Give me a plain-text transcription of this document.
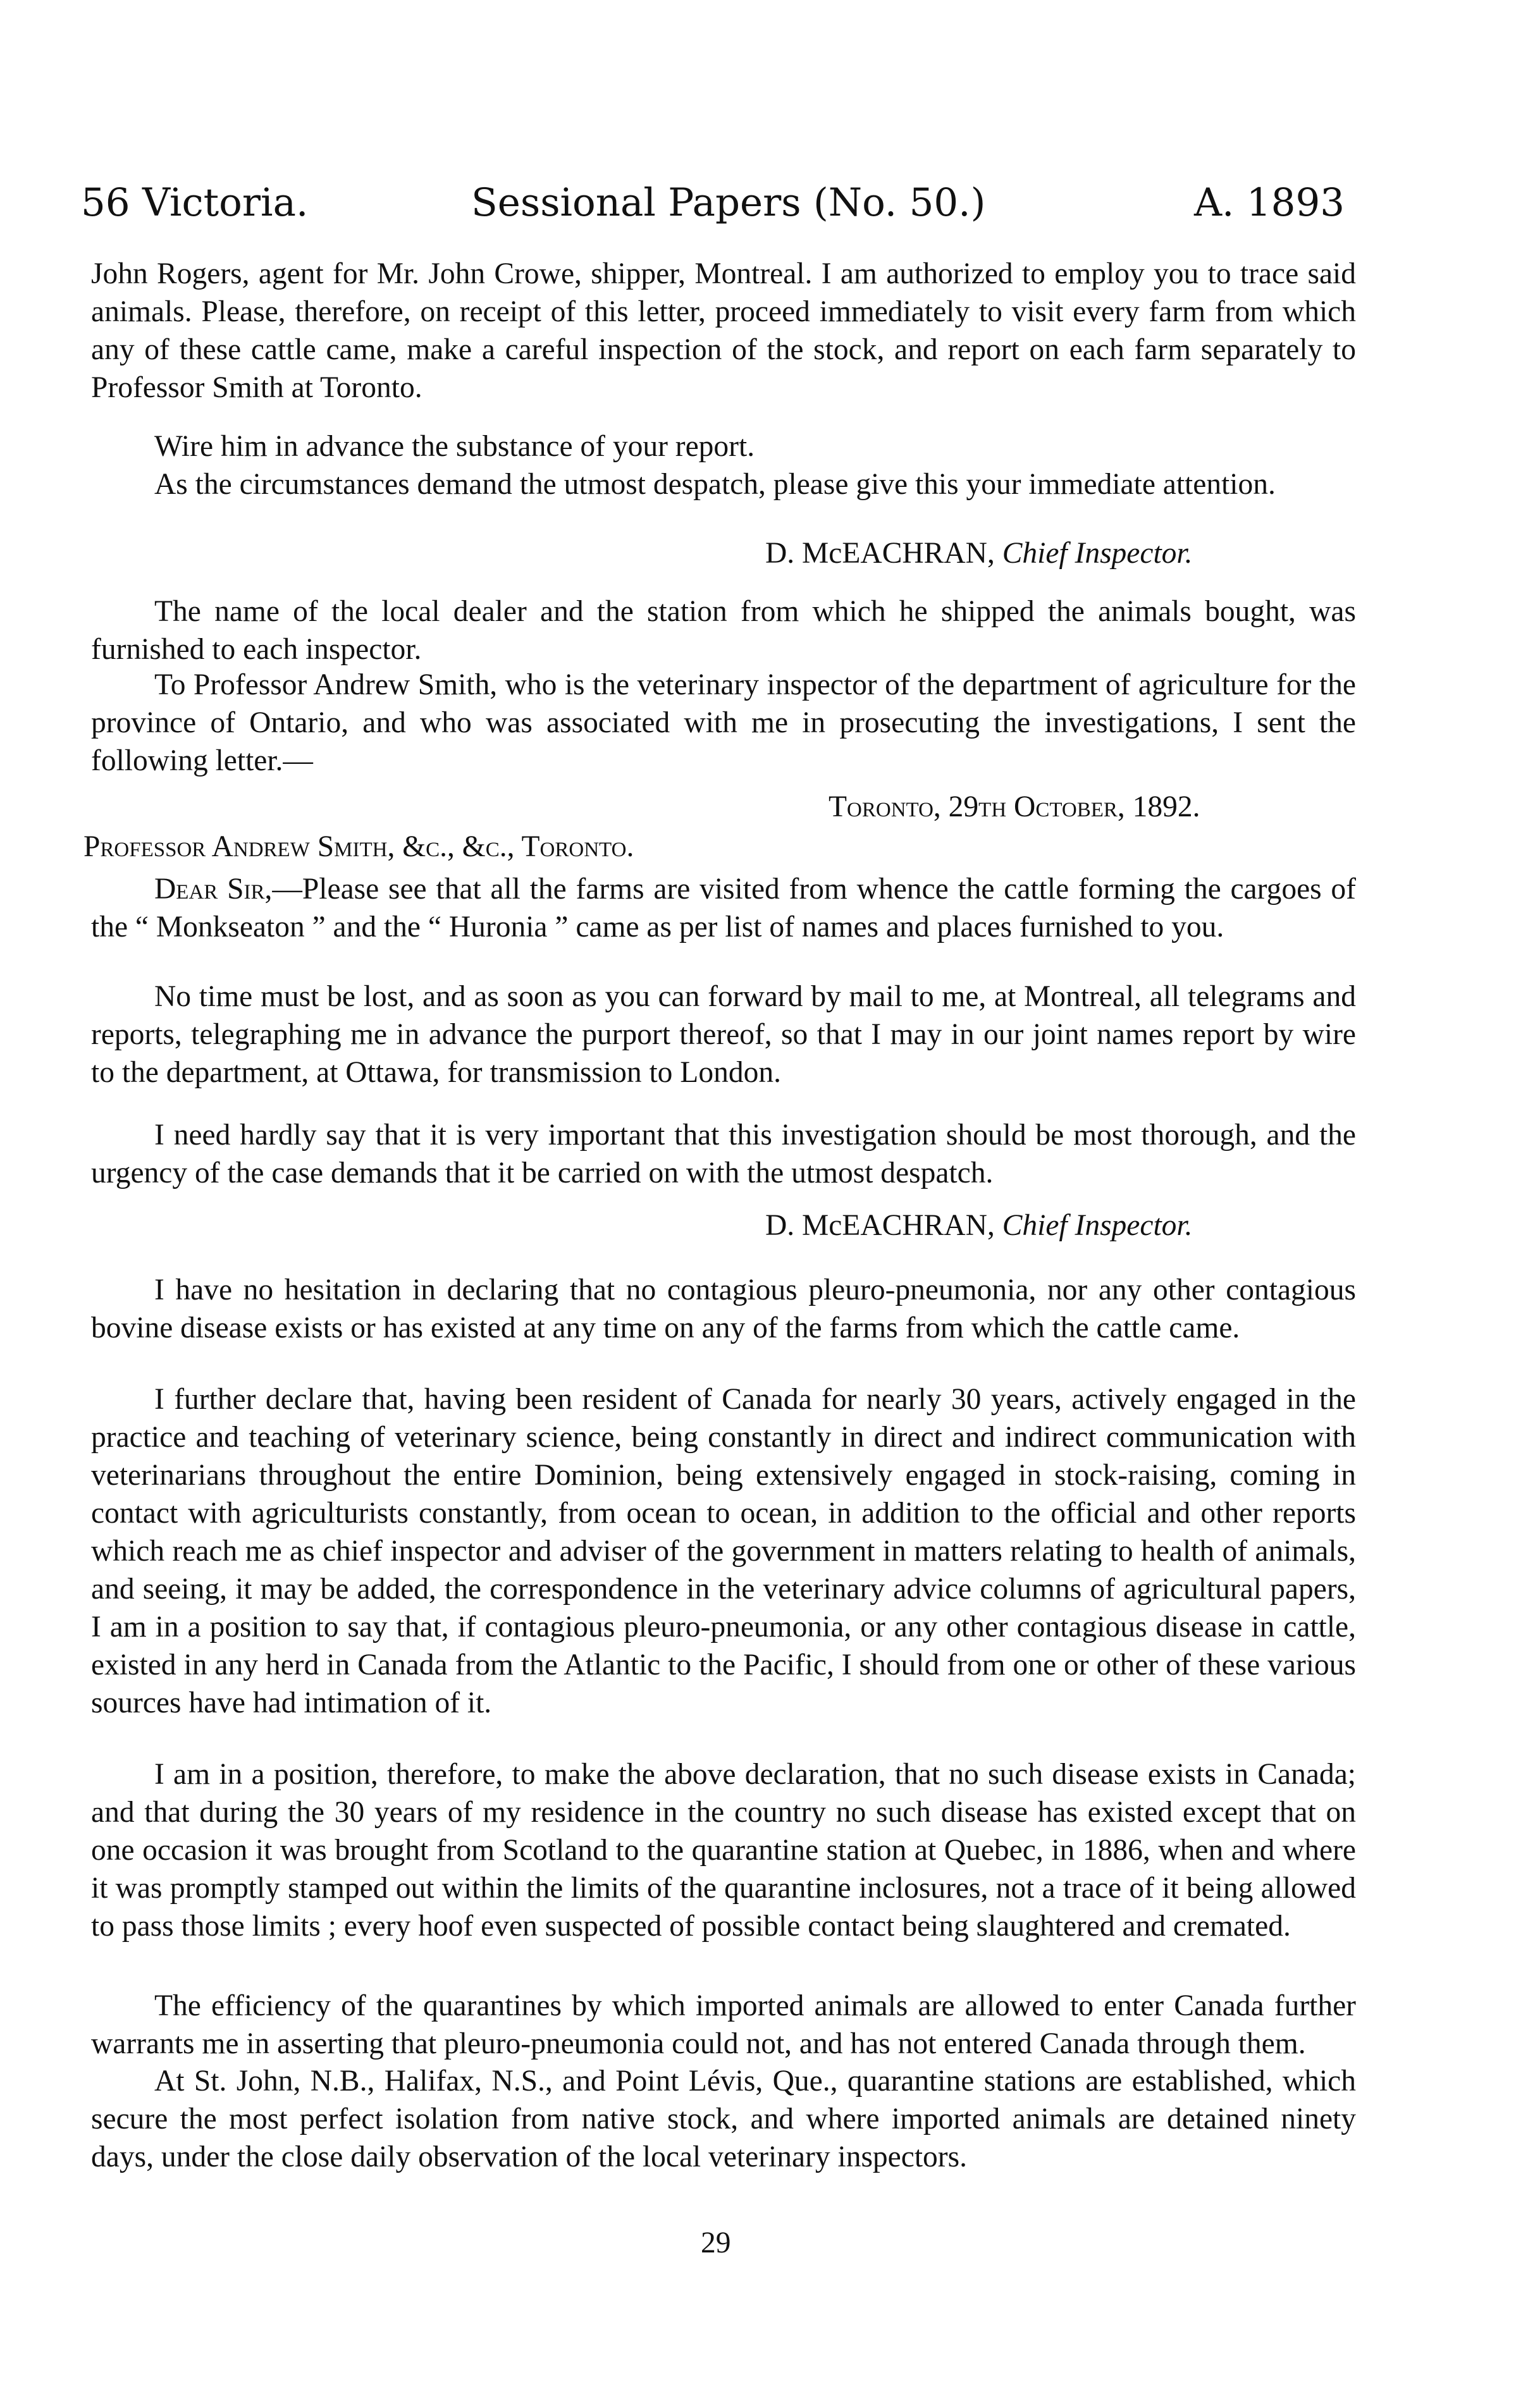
56 Victoria.	Sessional Papers (No. 50.)	A. 1893

John Rogers, agent for Mr. John Crowe, shipper, Montreal. I am authorized to employ you to trace said animals. Please, therefore, on receipt of this letter, proceed immediately to visit every farm from which any of these cattle came, make a careful inspection of the stock, and report on each farm separately to Professor Smith at Toronto.

Wire him in advance the substance of your report.

As the circumstances demand the utmost despatch, please give this your immediate attention.

D. McEACHRAN, Chief Inspector.

The name of the local dealer and the station from which he shipped the animals bought, was furnished to each inspector.

To Professor Andrew Smith, who is the veterinary inspector of the department of agriculture for the province of Ontario, and who was associated with me in prosecuting the investigations, I sent the following letter.—

Toronto, 29th October, 1892.
Professor Andrew Smith, &c., &c., Toronto.

Dear Sir,—Please see that all the farms are visited from whence the cattle forming the cargoes of the “ Monkseaton ” and the “ Huronia ” came as per list of names and places furnished to you.

No time must be lost, and as soon as you can forward by mail to me, at Montreal, all telegrams and reports, telegraphing me in advance the purport thereof, so that I may in our joint names report by wire to the department, at Ottawa, for transmission to London.

I need hardly say that it is very important that this investigation should be most thorough, and the urgency of the case demands that it be carried on with the utmost despatch.

D. McEACHRAN, Chief Inspector.

I have no hesitation in declaring that no contagious pleuro-pneumonia, nor any other contagious bovine disease exists or has existed at any time on any of the farms from which the cattle came.

I further declare that, having been resident of Canada for nearly 30 years, actively engaged in the practice and teaching of veterinary science, being constantly in direct and indirect communication with veterinarians throughout the entire Dominion, being extensively engaged in stock-raising, coming in contact with agriculturists constantly, from ocean to ocean, in addition to the official and other reports which reach me as chief inspector and adviser of the government in matters relating to health of animals, and seeing, it may be added, the correspondence in the veterinary advice columns of agricultural papers, I am in a position to say that, if contagious pleuro-pneumonia, or any other contagious disease in cattle, existed in any herd in Canada from the Atlantic to the Pacific, I should from one or other of these various sources have had intimation of it.

I am in a position, therefore, to make the above declaration, that no such disease exists in Canada; and that during the 30 years of my residence in the country no such disease has existed except that on one occasion it was brought from Scotland to the quarantine station at Quebec, in 1886, when and where it was promptly stamped out within the limits of the quarantine inclosures, not a trace of it being allowed to pass those limits ; every hoof even suspected of possible contact being slaughtered and cremated.

The efficiency of the quarantines by which imported animals are allowed to enter Canada further warrants me in asserting that pleuro-pneumonia could not, and has not entered Canada through them.

At St. John, N.B., Halifax, N.S., and Point Lévis, Que., quarantine stations are established, which secure the most perfect isolation from native stock, and where imported animals are detained ninety days, under the close daily observation of the local veterinary inspectors.

29
